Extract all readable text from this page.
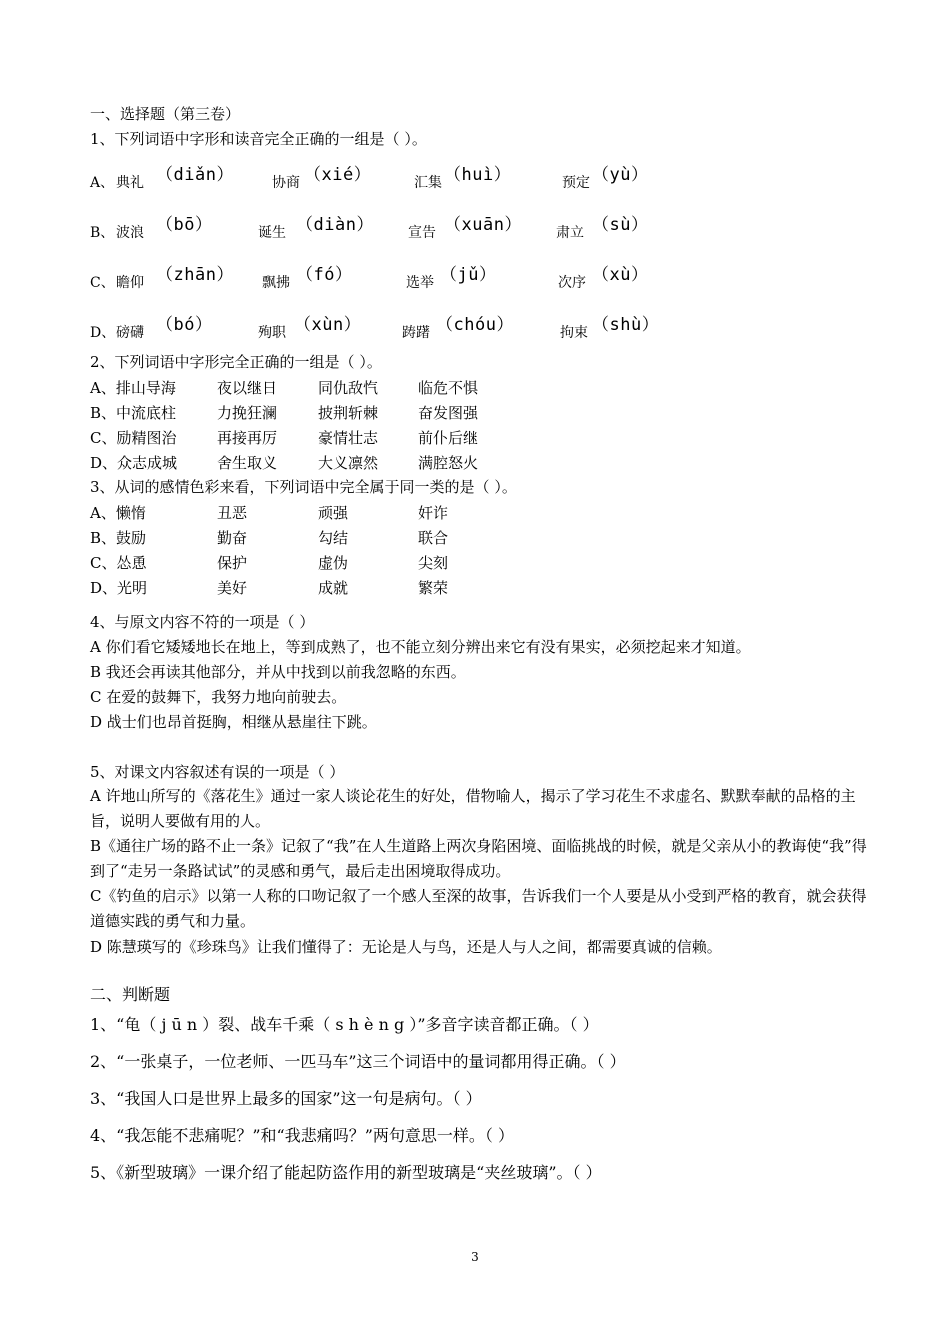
一、选择题（第三卷）
1、下列词语中字形和读音完全正确的一组是（ ）。
A、 典礼 （diǎn）	协商 （xié）	汇集 （huì）	预定 （yù）
B、 波浪 （bō）	诞生 （diàn） 宣告 （xuān） 肃立 （sù）
C、 瞻仰 （zhān） 飘拂 （fó）	选举 （jǔ）	次序 （xù）
D、 磅礴 （bó）	殉职 （xùn）	踌躇 （chóu）	拘束 （shù）
2、下列词语中字形完全正确的一组是（ ）。
A、排山导海	夜以继日	同仇敌忾	临危不惧
B、中流底柱	力挽狂澜	披荆斩棘	奋发图强
C、励精图治	再接再厉	豪情壮志	前仆后继
D、众志成城	舍生取义	大义凛然	满腔怒火
3、从词的感情色彩来看，下列词语中完全属于同一类的是（ ）。
A、懒惰	丑恶	顽强	奸诈
B、鼓励	勤奋	勾结	联合
C、怂恿	保护	虚伪	尖刻
D、光明	美好	成就	繁荣
4、与原文内容不符的一项是（ ）
A 你们看它矮矮地长在地上，等到成熟了，也不能立刻分辨出来它有没有果实，必须挖起来才知道。
B 我还会再读其他部分，并从中找到以前我忽略的东西。
C 在爱的鼓舞下，我努力地向前驶去。
D 战士们也昂首挺胸，相继从悬崖往下跳。
5、对课文内容叙述有误的一项是（ ）
A 许地山所写的《落花生》通过一家人谈论花生的好处，借物喻人，揭示了学习花生不求虚名、默默奉献的品格的主旨，说明人要做有用的人。
B《通往广场的路不止一条》记叙了“我”在人生道路上两次身陷困境、面临挑战的时候，就是父亲从小的教诲使“我”得到了“走另一条路试试”的灵感和勇气，最后走出困境取得成功。
C《钓鱼的启示》以第一人称的口吻记叙了一个感人至深的故事，告诉我们一个人要是从小受到严格的教育，就会获得道德实践的勇气和力量。
D 陈慧瑛写的《珍珠鸟》让我们懂得了：无论是人与鸟，还是人与人之间，都需要真诚的信赖。
二、判断题
1、“龟（ j ū n ）裂、战车千乘（ s h è n g ）”多音字读音都正确。（ ）
2、“一张桌子，一位老师、一匹马车”这三个词语中的量词都用得正确。（ ）
3、“我国人口是世界上最多的国家”这一句是病句。（ ）
4、“我怎能不悲痛呢？”和“我悲痛吗？”两句意思一样。（ ）
5、《新型玻璃》一课介绍了能起防盗作用的新型玻璃是“夹丝玻璃”。（ ）
3
